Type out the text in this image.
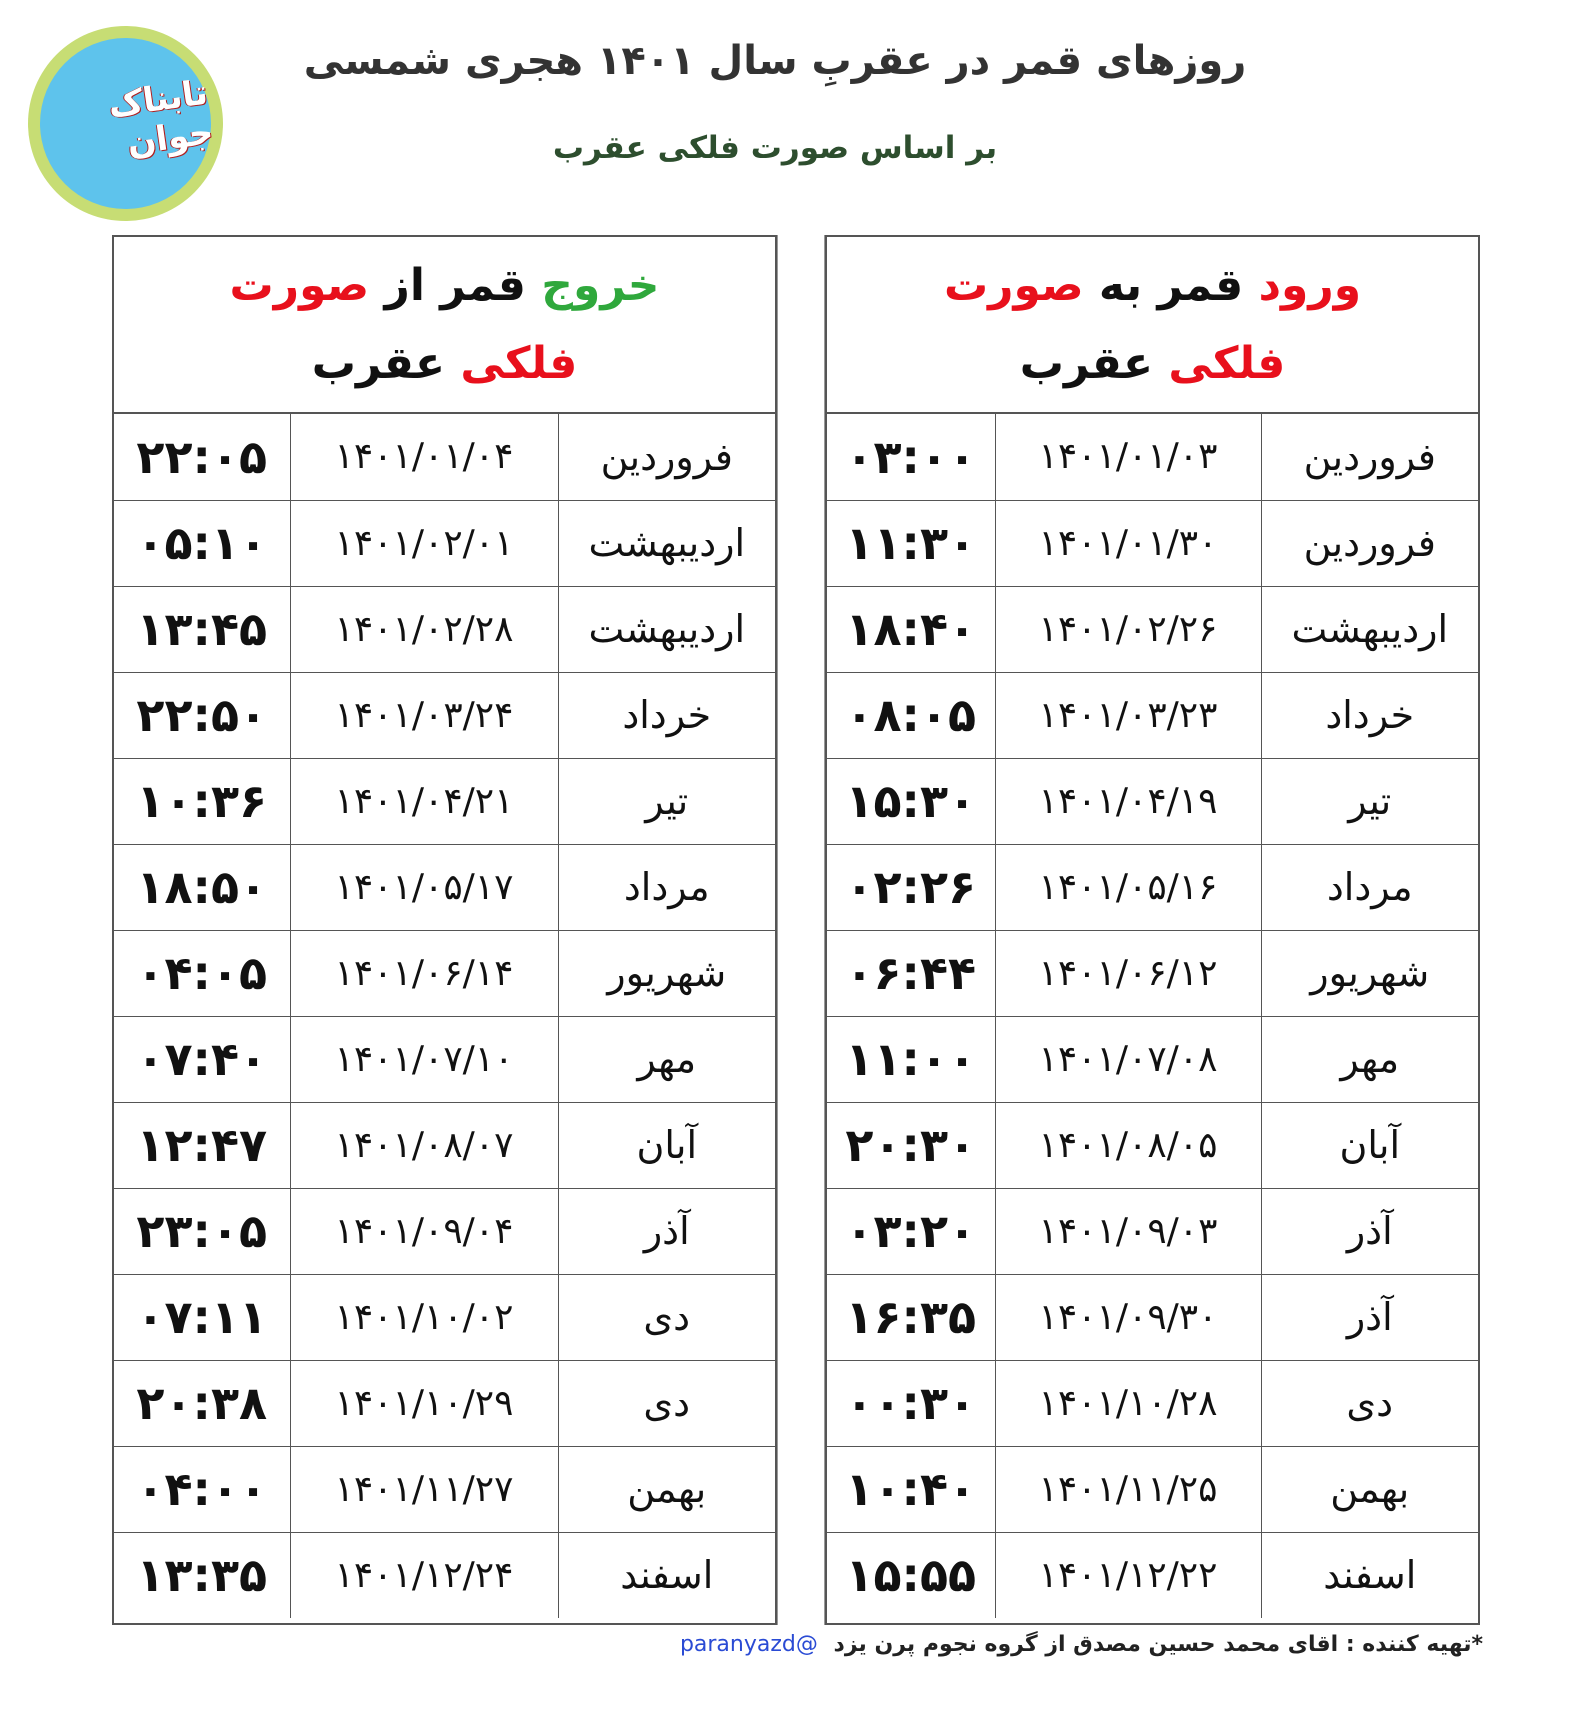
تابناک جوان
روزهای قمر در عقربِ سال ۱۴۰۱ هجری شمسی
بر اساس صورت فلکی عقرب
خروج قمر از صورت
فلکی عقرب
۲۲:۰۵	۱۴۰۱/۰۱/۰۴	فروردین
۰۵:۱۰	۱۴۰۱/۰۲/۰۱	اردیبهشت
۱۳:۴۵	۱۴۰۱/۰۲/۲۸	اردیبهشت
۲۲:۵۰	۱۴۰۱/۰۳/۲۴	خرداد
۱۰:۳۶	۱۴۰۱/۰۴/۲۱	تیر
۱۸:۵۰	۱۴۰۱/۰۵/۱۷	مرداد
۰۴:۰۵	۱۴۰۱/۰۶/۱۴	شهریور
۰۷:۴۰	۱۴۰۱/۰۷/۱۰	مهر
۱۲:۴۷	۱۴۰۱/۰۸/۰۷	آبان
۲۳:۰۵	۱۴۰۱/۰۹/۰۴	آذر
۰۷:۱۱	۱۴۰۱/۱۰/۰۲	دی
۲۰:۳۸	۱۴۰۱/۱۰/۲۹	دی
۰۴:۰۰	۱۴۰۱/۱۱/۲۷	بهمن
۱۳:۳۵	۱۴۰۱/۱۲/۲۴	اسفند
ورود قمر به صورت
فلکی عقرب
۰۳:۰۰	۱۴۰۱/۰۱/۰۳	فروردین
۱۱:۳۰	۱۴۰۱/۰۱/۳۰	فروردین
۱۸:۴۰	۱۴۰۱/۰۲/۲۶	اردیبهشت
۰۸:۰۵	۱۴۰۱/۰۳/۲۳	خرداد
۱۵:۳۰	۱۴۰۱/۰۴/۱۹	تیر
۰۲:۲۶	۱۴۰۱/۰۵/۱۶	مرداد
۰۶:۴۴	۱۴۰۱/۰۶/۱۲	شهریور
۱۱:۰۰	۱۴۰۱/۰۷/۰۸	مهر
۲۰:۳۰	۱۴۰۱/۰۸/۰۵	آبان
۰۳:۲۰	۱۴۰۱/۰۹/۰۳	آذر
۱۶:۳۵	۱۴۰۱/۰۹/۳۰	آذر
۰۰:۳۰	۱۴۰۱/۱۰/۲۸	دی
۱۰:۴۰	۱۴۰۱/۱۱/۲۵	بهمن
۱۵:۵۵	۱۴۰۱/۱۲/۲۲	اسفند
*تهیه کننده : اقای محمد حسین مصدق از گروه نجوم پرن یزد @paranyazd
